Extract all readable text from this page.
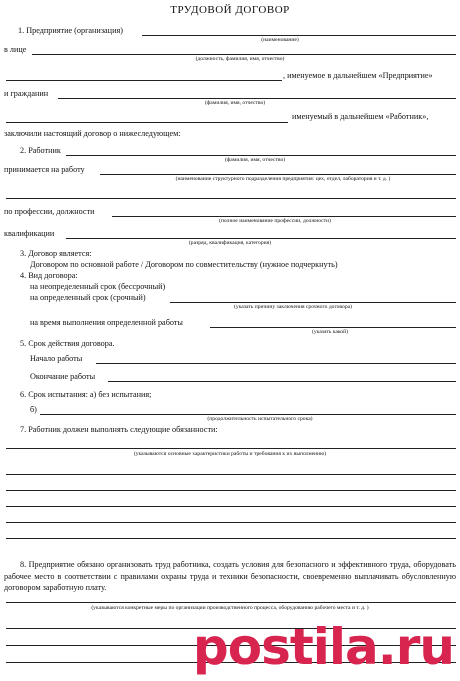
ТРУДОВОЙ ДОГОВОР
1. Предприятие (организация)
(наименование)
в лице
(должность, фамилия, имя, отчество)
, именуемое в дальнейшем «Предприятие»
и гражданин
(фамилия, имя, отчество)
именуемый в дальнейшем «Работник»,
заключили настоящий договор о нижеследующем:
2. Работник
(фамилия, имя, отчество)
принимается на работу
(наименование структурного подразделения предприятия: цех, отдел, лаборатория и т. д. )
по профессии, должности
(полное наименование профессии, должности)
квалификации
(разряд, квалификация, категория)
3. Договор является:
Договором по основной работе / Договором по совместительству (нужное подчеркнуть)
4. Вид договора:
на неопределенный срок (бессрочный)
на определенный срок (срочный)
(указать причину заключения срочного договора)
на время выполнения определенной работы
(указать какой)
5. Срок действия договора.
Начало работы
Окончание работы
6. Срок испытания: а) без испытания;
б)
(продолжительность испытательного срока)
7. Работник должен выполнять следующие обязанности:
(указываются основные характеристики работы и требования к их выполнению)
8. Предприятие обязано организовать труд работника, создать условия для безопасного и эффективного труда, оборудовать рабочее место в соответствии с правилами охраны труда и техники безопасности, своевременно выплачивать обусловленную договором заработную плату.
(указываются конкретные меры по организации производственного процесса, оборудованию рабочего места и т. д. )
postila.ru
